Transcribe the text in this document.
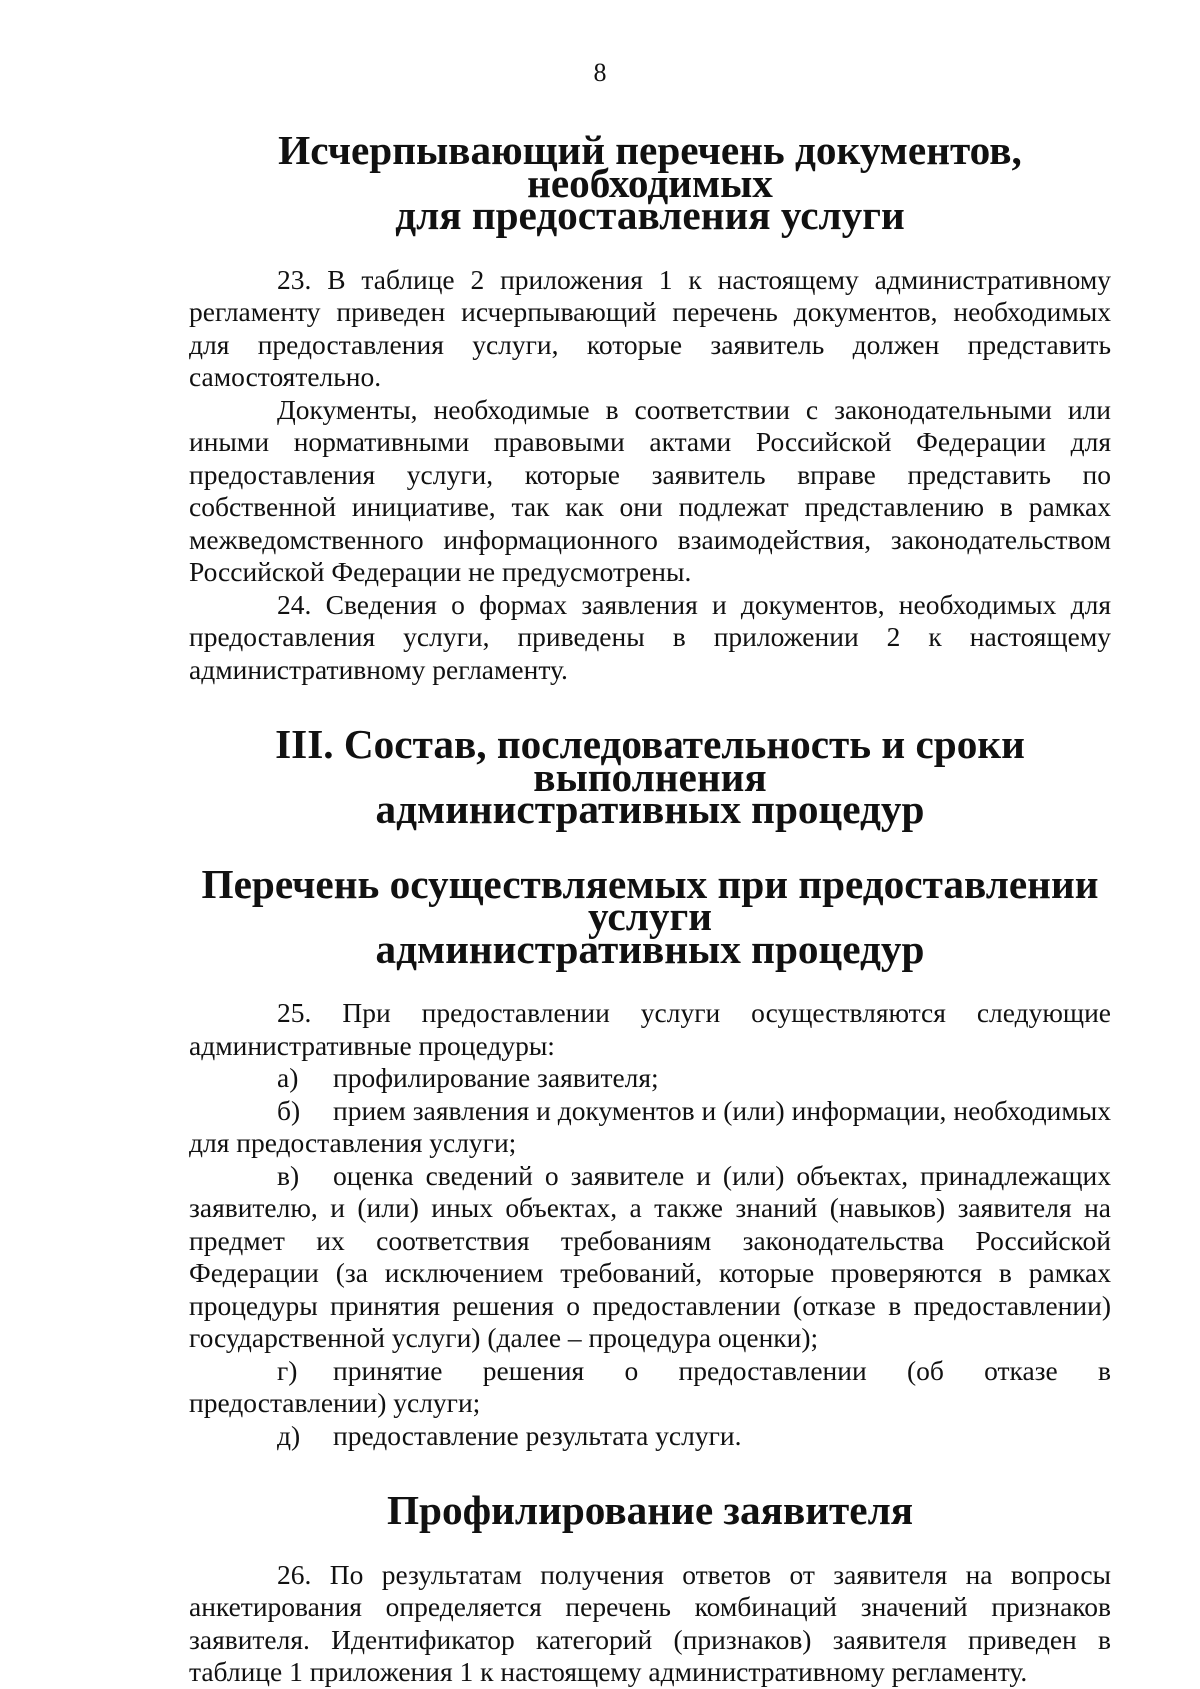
8
Исчерпывающий перечень документов, необходимых
для предоставления услуги

23. В таблице 2 приложения 1 к настоящему административному регламенту приведен исчерпывающий перечень документов, необходимых для предоставления услуги, которые заявитель должен представить самостоятельно.

Документы, необходимые в соответствии с законодательными или иными нормативными правовыми актами Российской Федерации для предоставления услуги, которые заявитель вправе представить по собственной инициативе, так как они подлежат представлению в рамках межведомственного информационного взаимодействия, законодательством Российской Федерации не предусмотрены.

24. Сведения о формах заявления и документов, необходимых для предоставления услуги, приведены в приложении 2 к настоящему административному регламенту.

III. Состав, последовательность и сроки выполнения
административных процедур
Перечень осуществляемых при предоставлении услуги
административных процедур

25. При предоставлении услуги осуществляются следующие административные процедуры:

а) профилирование заявителя;

б) прием заявления и документов и (или) информации, необходимых для предоставления услуги;

в) оценка сведений о заявителе и (или) объектах, принадлежащих заявителю, и (или) иных объектах, а также знаний (навыков) заявителя на предмет их соответствия требованиям законодательства Российской Федерации (за исключением требований, которые проверяются в рамках процедуры принятия решения о предоставлении (отказе в предоставлении) государственной услуги) (далее – процедура оценки);

г) принятие решения о предоставлении (об отказе в предоставлении) услуги;

д) предоставление результата услуги.

Профилирование заявителя

26. По результатам получения ответов от заявителя на вопросы анкетирования определяется перечень комбинаций значений признаков заявителя. Идентификатор категорий (признаков) заявителя приведен в таблице 1 приложения 1 к настоящему административному регламенту.
